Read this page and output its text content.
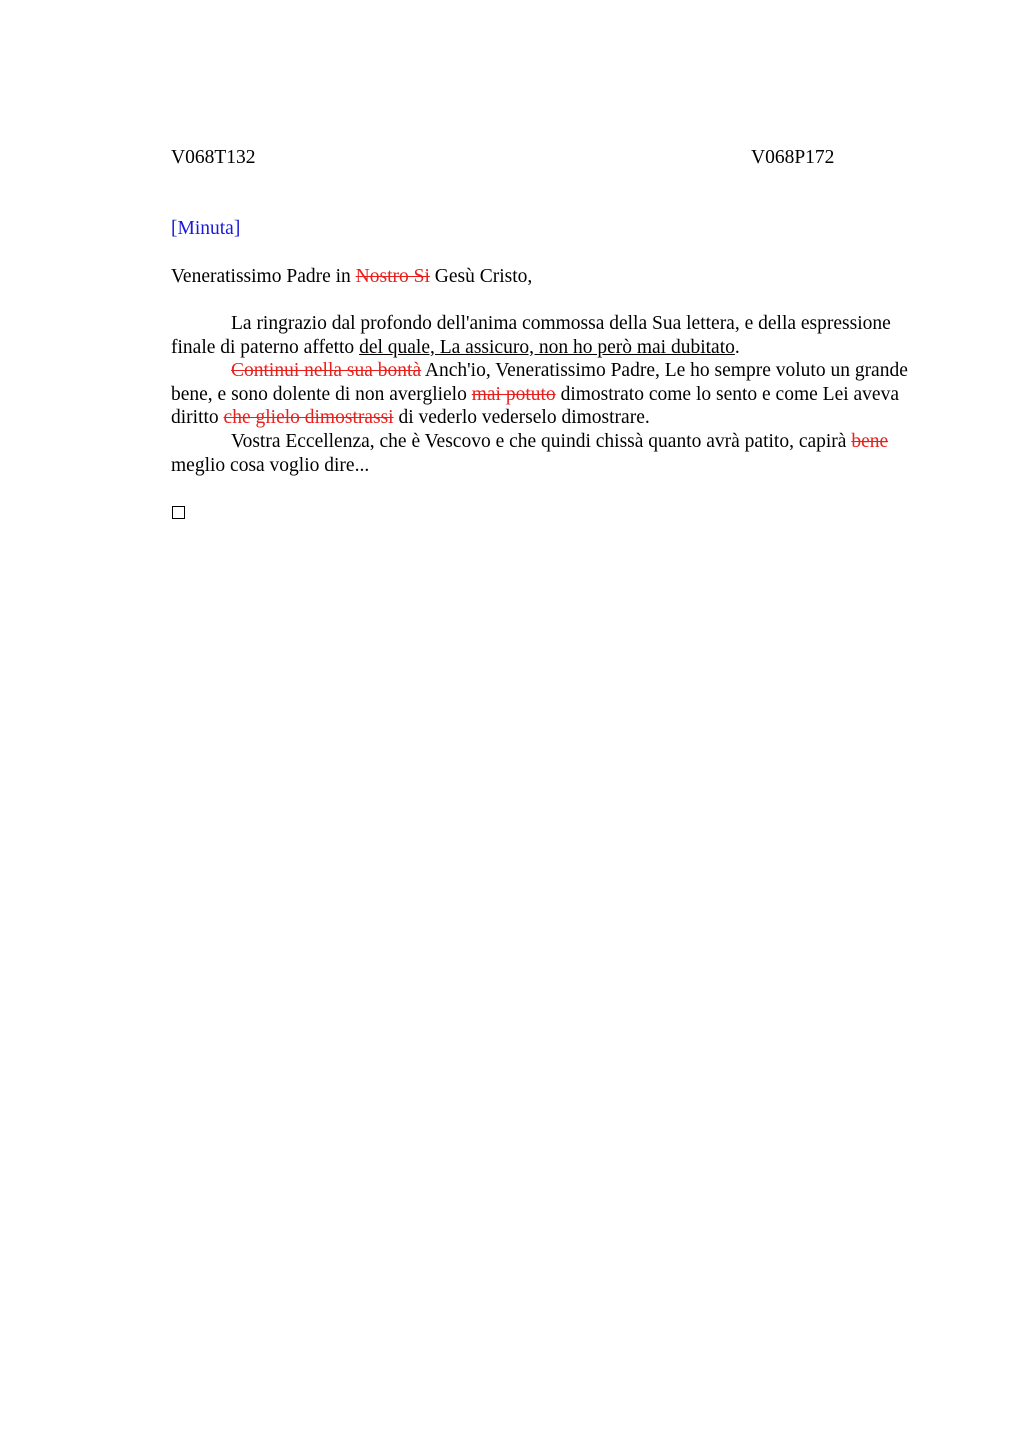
V068T132	V068P172
[Minuta]
Veneratissimo Padre in Nostro Si Gesù Cristo,

La ringrazio dal profondo dell'anima commossa della Sua lettera, e della espressione finale di paterno affetto del quale, La assicuro, non ho però mai dubitato.

Continui nella sua bontà Anch'io, Veneratissimo Padre, Le ho sempre voluto un grande bene, e sono dolente di non averglielo mai potuto dimostrato come lo sento e come Lei aveva diritto che glielo dimostrassi di vederlo vederselo dimostrare.

Vostra Eccellenza, che è Vescovo e che quindi chissà quanto avrà patito, capirà bene meglio cosa voglio dire...
